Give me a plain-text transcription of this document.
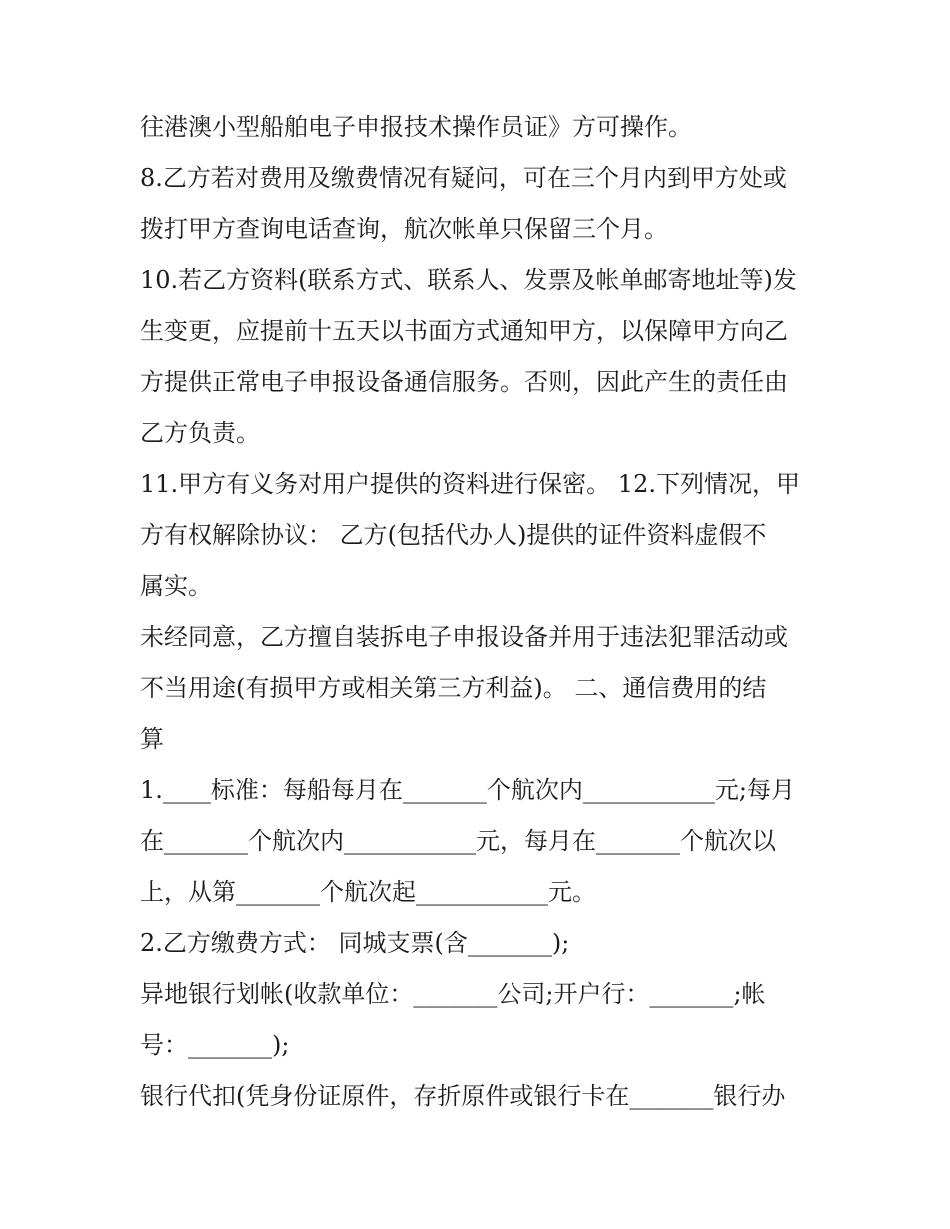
往港澳小型船舶电子申报技术操作员证》方可操作。
8.乙方若对费用及缴费情况有疑问，可在三个月内到甲方处或
拨打甲方查询电话查询，航次帐单只保留三个月。
10.若乙方资料(联系方式、联系人、发票及帐单邮寄地址等)发
生变更，应提前十五天以书面方式通知甲方，以保障甲方向乙
方提供正常电子申报设备通信服务。否则，因此产生的责任由
乙方负责。
11.甲方有义务对用户提供的资料进行保密。 12.下列情况，甲
方有权解除协议： 乙方(包括代办人)提供的证件资料虚假不
属实。
未经同意，乙方擅自装拆电子申报设备并用于违法犯罪活动或
不当用途(有损甲方或相关第三方利益)。 二、通信费用的结
算
1.____标准：每船每月在_______个航次内___________元;每月
在_______个航次内___________元，每月在_______个航次以
上，从第_______个航次起___________元。
2.乙方缴费方式： 同城支票(含_______);
异地银行划帐(收款单位：_______公司;开户行：_______;帐
号：_______);
银行代扣(凭身份证原件，存折原件或银行卡在_______银行办
